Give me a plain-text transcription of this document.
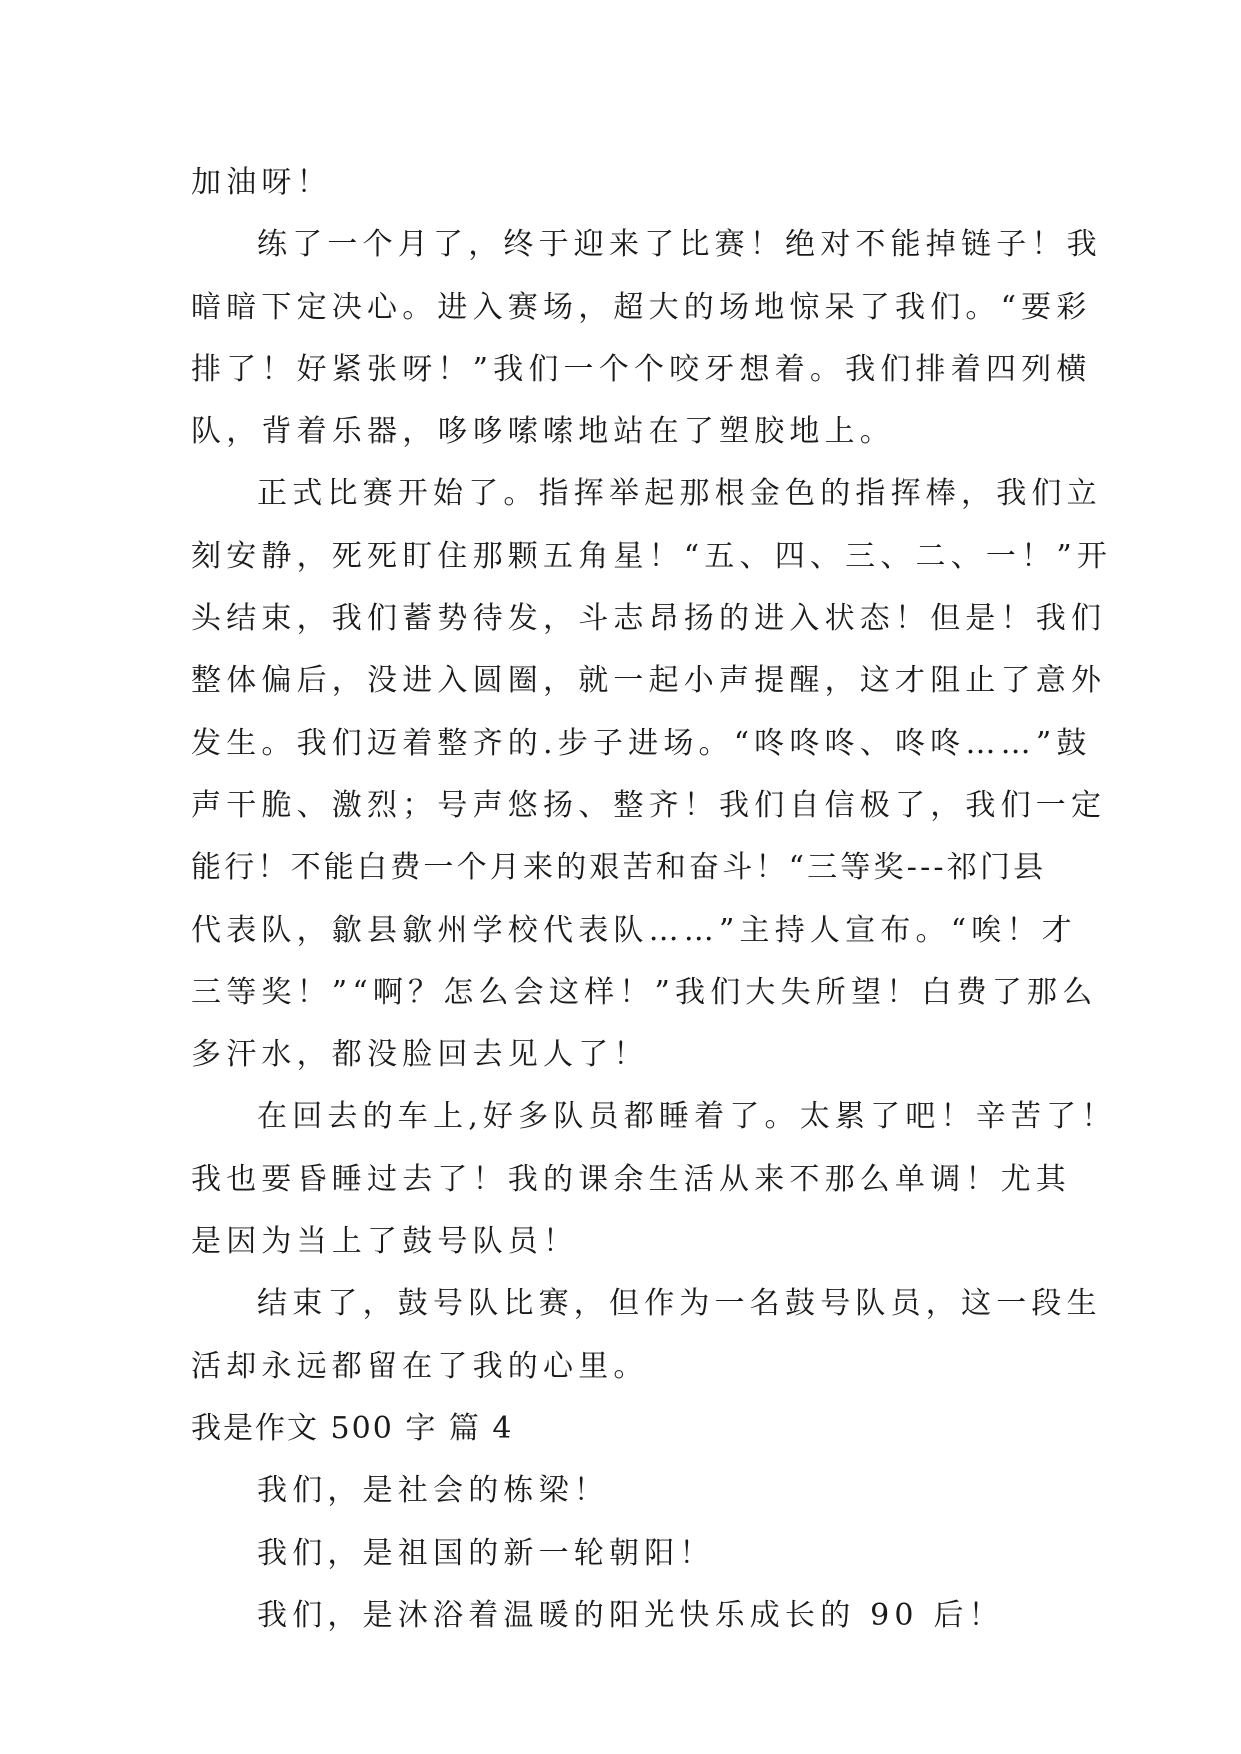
加油呀！
练了一个月了，终于迎来了比赛！绝对不能掉链子！我
暗暗下定决心。进入赛场，超大的场地惊呆了我们。“要彩
排了！好紧张呀！”我们一个个咬牙想着。我们排着四列横
队，背着乐器，哆哆嗦嗦地站在了塑胶地上。
正式比赛开始了。指挥举起那根金色的指挥棒，我们立
刻安静，死死盯住那颗五角星！“五、四、三、二、一！”开
头结束，我们蓄势待发，斗志昂扬的进入状态！但是！我们
整体偏后，没进入圆圈，就一起小声提醒，这才阻止了意外
发生。我们迈着整齐的.步子进场。“咚咚咚、咚咚……”鼓
声干脆、激烈；号声悠扬、整齐！我们自信极了，我们一定
能行！不能白费一个月来的艰苦和奋斗！“三等奖---祁门县
代表队，歙县歙州学校代表队……”主持人宣布。“唉！才
三等奖！”“啊？怎么会这样！”我们大失所望！白费了那么
多汗水，都没脸回去见人了！
在回去的车上,好多队员都睡着了。太累了吧！辛苦了！
我也要昏睡过去了！我的课余生活从来不那么单调！尤其
是因为当上了鼓号队员！
结束了，鼓号队比赛，但作为一名鼓号队员，这一段生
活却永远都留在了我的心里。
我是作文 500 字 篇 4
我们，是社会的栋梁！
我们，是祖国的新一轮朝阳！
我们，是沐浴着温暖的阳光快乐成长的 90 后！
